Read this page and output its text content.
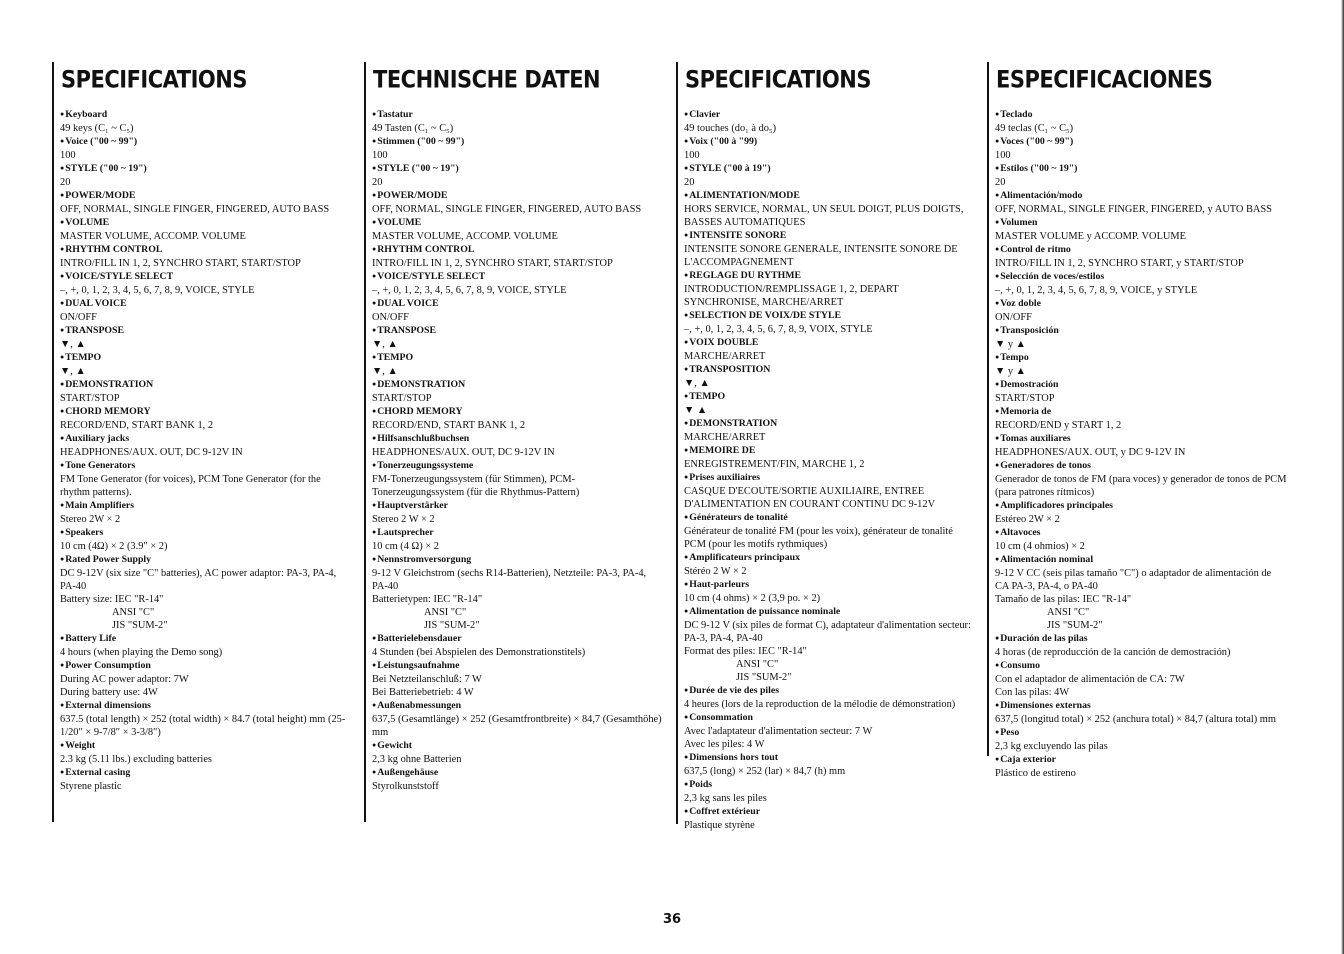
SPECIFICATIONS
● Keyboard
49 keys (C₁ ~ C₅)
● Voice ("00 ~ 99")
100
● STYLE ("00 ~ 19")
20
● POWER/MODE
OFF, NORMAL, SINGLE FINGER, FINGERED, AUTO BASS
● VOLUME
MASTER VOLUME, ACCOMP. VOLUME
● RHYTHM CONTROL
INTRO/FILL IN 1, 2, SYNCHRO START, START/STOP
● VOICE/STYLE SELECT
–, +, 0, 1, 2, 3, 4, 5, 6, 7, 8, 9, VOICE, STYLE
● DUAL VOICE
ON/OFF
● TRANSPOSE
▼, ▲
● TEMPO
▼, ▲
● DEMONSTRATION
START/STOP
● CHORD MEMORY
RECORD/END, START BANK 1, 2
● Auxiliary jacks
HEADPHONES/AUX. OUT, DC 9-12V IN
● Tone Generators
FM Tone Generator (for voices), PCM Tone Generator (for the rhythm patterns).
● Main Amplifiers
Stereo 2W × 2
● Speakers
10 cm (4Ω) × 2 (3.9″ × 2)
● Rated Power Supply
DC 9-12V (six size "C" batteries), AC power adaptor: PA-3, PA-4, PA-40
Battery size: IEC "R-14"
ANSI "C"
JIS "SUM-2"
● Battery Life
4 hours (when playing the Demo song)
● Power Consumption
During AC power adaptor: 7W
During battery use: 4W
● External dimensions
637.5 (total length) × 252 (total width) × 84.7 (total height) mm (25-1/20″ × 9-7/8″ × 3-3/8″)
● Weight
2.3 kg (5.11 lbs.) excluding batteries
● External casing
Styrene plastic
TECHNISCHE DATEN
● Tastatur
49 Tasten (C₁ ~ C₅)
● Stimmen ("00 ~ 99")
100
● STYLE ("00 ~ 19")
20
● POWER/MODE
OFF, NORMAL, SINGLE FINGER, FINGERED, AUTO BASS
● VOLUME
MASTER VOLUME, ACCOMP. VOLUME
● RHYTHM CONTROL
INTRO/FILL IN 1, 2, SYNCHRO START, START/STOP
● VOICE/STYLE SELECT
–, +, 0, 1, 2, 3, 4, 5, 6, 7, 8, 9, VOICE, STYLE
● DUAL VOICE
ON/OFF
● TRANSPOSE
▼, ▲
● TEMPO
▼, ▲
● DEMONSTRATION
START/STOP
● CHORD MEMORY
RECORD/END, START BANK 1, 2
● Hilfsanschlußbuchsen
HEADPHONES/AUX. OUT, DC 9-12V IN
● Tonerzeugungssysteme
FM-Tonerzeugungssystem (für Stimmen), PCM-Tonerzeugungssystem (für die Rhythmus-Pattern)
● Hauptverstärker
Stereo 2 W × 2
● Lautsprecher
10 cm (4 Ω) × 2
● Nennstromversorgung
9-12 V Gleichstrom (sechs R14-Batterien), Netzteile: PA-3, PA-4, PA-40
Batterietypen: IEC "R-14"
ANSI "C"
JIS "SUM-2"
● Batterielebensdauer
4 Stunden (bei Abspielen des Demonstrationstitels)
● Leistungsaufnahme
Bei Netzteilanschluß: 7 W
Bei Batteriebetrieb: 4 W
● Außenabmessungen
637,5 (Gesamtlänge) × 252 (Gesamtfrontbreite) × 84,7 (Gesamthöhe) mm
● Gewicht
2,3 kg ohne Batterien
● Außengehäuse
Styrolkunststoff
SPECIFICATIONS
● Clavier
49 touches (do₁ à do₅)
● Voix ("00 à "99)
100
● STYLE ("00 à 19")
20
● ALIMENTATION/MODE
HORS SERVICE, NORMAL, UN SEUL DOIGT, PLUS DOIGTS, BASSES AUTOMATIQUES
● INTENSITE SONORE
INTENSITE SONORE GENERALE, INTENSITE SONORE DE L'ACCOMPAGNEMENT
● REGLAGE DU RYTHME
INTRODUCTION/REMPLISSAGE 1, 2, DEPART SYNCHRONISE, MARCHE/ARRET
● SELECTION DE VOIX/DE STYLE
–, +, 0, 1, 2, 3, 4, 5, 6, 7, 8, 9, VOIX, STYLE
● VOIX DOUBLE
MARCHE/ARRET
● TRANSPOSITION
▼, ▲
● TEMPO
▼ ▲
● DEMONSTRATION
MARCHE/ARRET
● MEMOIRE DE
ENREGISTREMENT/FIN, MARCHE 1, 2
● Prises auxiliaires
CASQUE D'ECOUTE/SORTIE AUXILIAIRE, ENTREE D'ALIMENTATION EN COURANT CONTINU DC 9-12V
● Générateurs de tonalité
Générateur de tonalité FM (pour les voix), générateur de tonalité PCM (pour les motifs rythmiques)
● Amplificateurs principaux
Stéréo 2 W × 2
● Haut-parleurs
10 cm (4 ohms) × 2 (3,9 po. × 2)
● Alimentation de puissance nominale
DC 9-12 V (six piles de format C), adaptateur d'alimentation secteur: PA-3, PA-4, PA-40
Format des piles: IEC "R-14"
ANSI "C"
JIS "SUM-2"
● Durée de vie des piles
4 heures (lors de la reproduction de la mélodie de démonstration)
● Consommation
Avec l'adaptateur d'alimentation secteur: 7 W
Avec les piles: 4 W
● Dimensions hors tout
637,5 (long) × 252 (lar) × 84,7 (h) mm
● Poids
2,3 kg sans les piles
● Coffret extérieur
Plastique styrène
ESPECIFICACIONES
● Teclado
49 teclas (C₁ ~ C₅)
● Voces ("00 ~ 99")
100
● Estilos ("00 ~ 19")
20
● Alimentación/modo
OFF, NORMAL, SINGLE FINGER, FINGERED, y AUTO BASS
● Volumen
MASTER VOLUME y ACCOMP. VOLUME
● Control de ritmo
INTRO/FILL IN 1, 2, SYNCHRO START, y START/STOP
● Selección de voces/estilos
–, +, 0, 1, 2, 3, 4, 5, 6, 7, 8, 9, VOICE, y STYLE
● Voz doble
ON/OFF
● Transposición
▼ y ▲
● Tempo
▼ y ▲
● Demostración
START/STOP
● Memoria de
RECORD/END y START 1, 2
● Tomas auxiliares
HEADPHONES/AUX. OUT, y DC 9-12V IN
● Generadores de tonos
Generador de tonos de FM (para voces) y generador de tonos de PCM (para patrones rítmicos)
● Amplificadores principales
Estéreo 2W × 2
● Altavoces
10 cm (4 ohmios) × 2
● Alimentación nominal
9-12 V CC (seis pilas tamaño "C") o adaptador de alimentación de CA PA-3, PA-4, o PA-40
Tamaño de las pilas: IEC "R-14"
ANSI "C"
JIS "SUM-2"
● Duración de las pilas
4 horas (de reproducción de la canción de demostración)
● Consumo
Con el adaptador de alimentación de CA: 7W
Con las pilas: 4W
● Dimensiones externas
637,5 (longitud total) × 252 (anchura total) × 84,7 (altura total) mm
● Peso
2,3 kg excluyendo las pilas
● Caja exterior
Plástico de estireno
36
